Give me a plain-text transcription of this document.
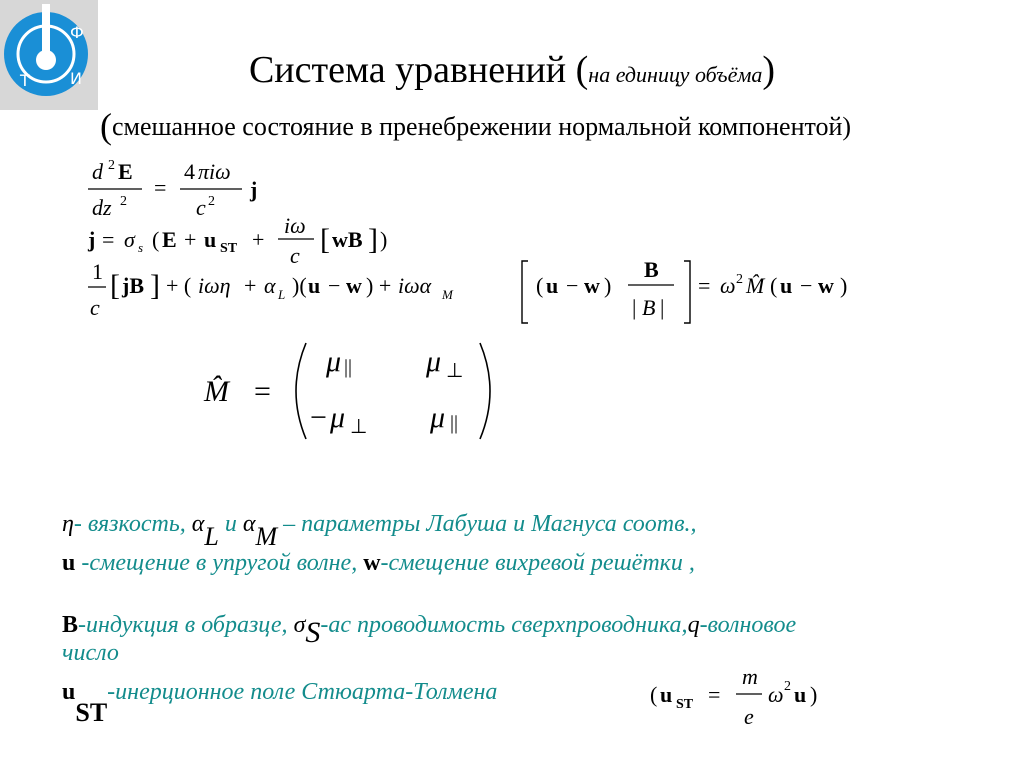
Ф
Т	И	Система уравнений (на единицу объёма)
(смешанное состояние в пренебрежении нормальной компонентой)
d 2 E
dz 2
=
4 πiω
c 2 j
j = σ s ( E + u ST +
iω
c [ wB ] )
1
c
[ jB ] + ( iωη + α L )( u − w ) + iωα M	( u − w )
B
| B |
= ω 2 M̂ ( u − w )
M̂ =
μ || μ ⊥
− μ ⊥ μ ||
η- вязкость, $\alpha_L$ и $\alpha_M$ – параметры Лабуша и Магнуса соотв.,
u -смещение в упругой волне, w-смещение вихревой решётки ,
B-индукция в образце, $\sigma_S-ac$ проводимость сверхпроводника,q-волновое
число
uST-инерционное поле Стюарта-Толмена	( u ST =
m
e
ω 2 u )
